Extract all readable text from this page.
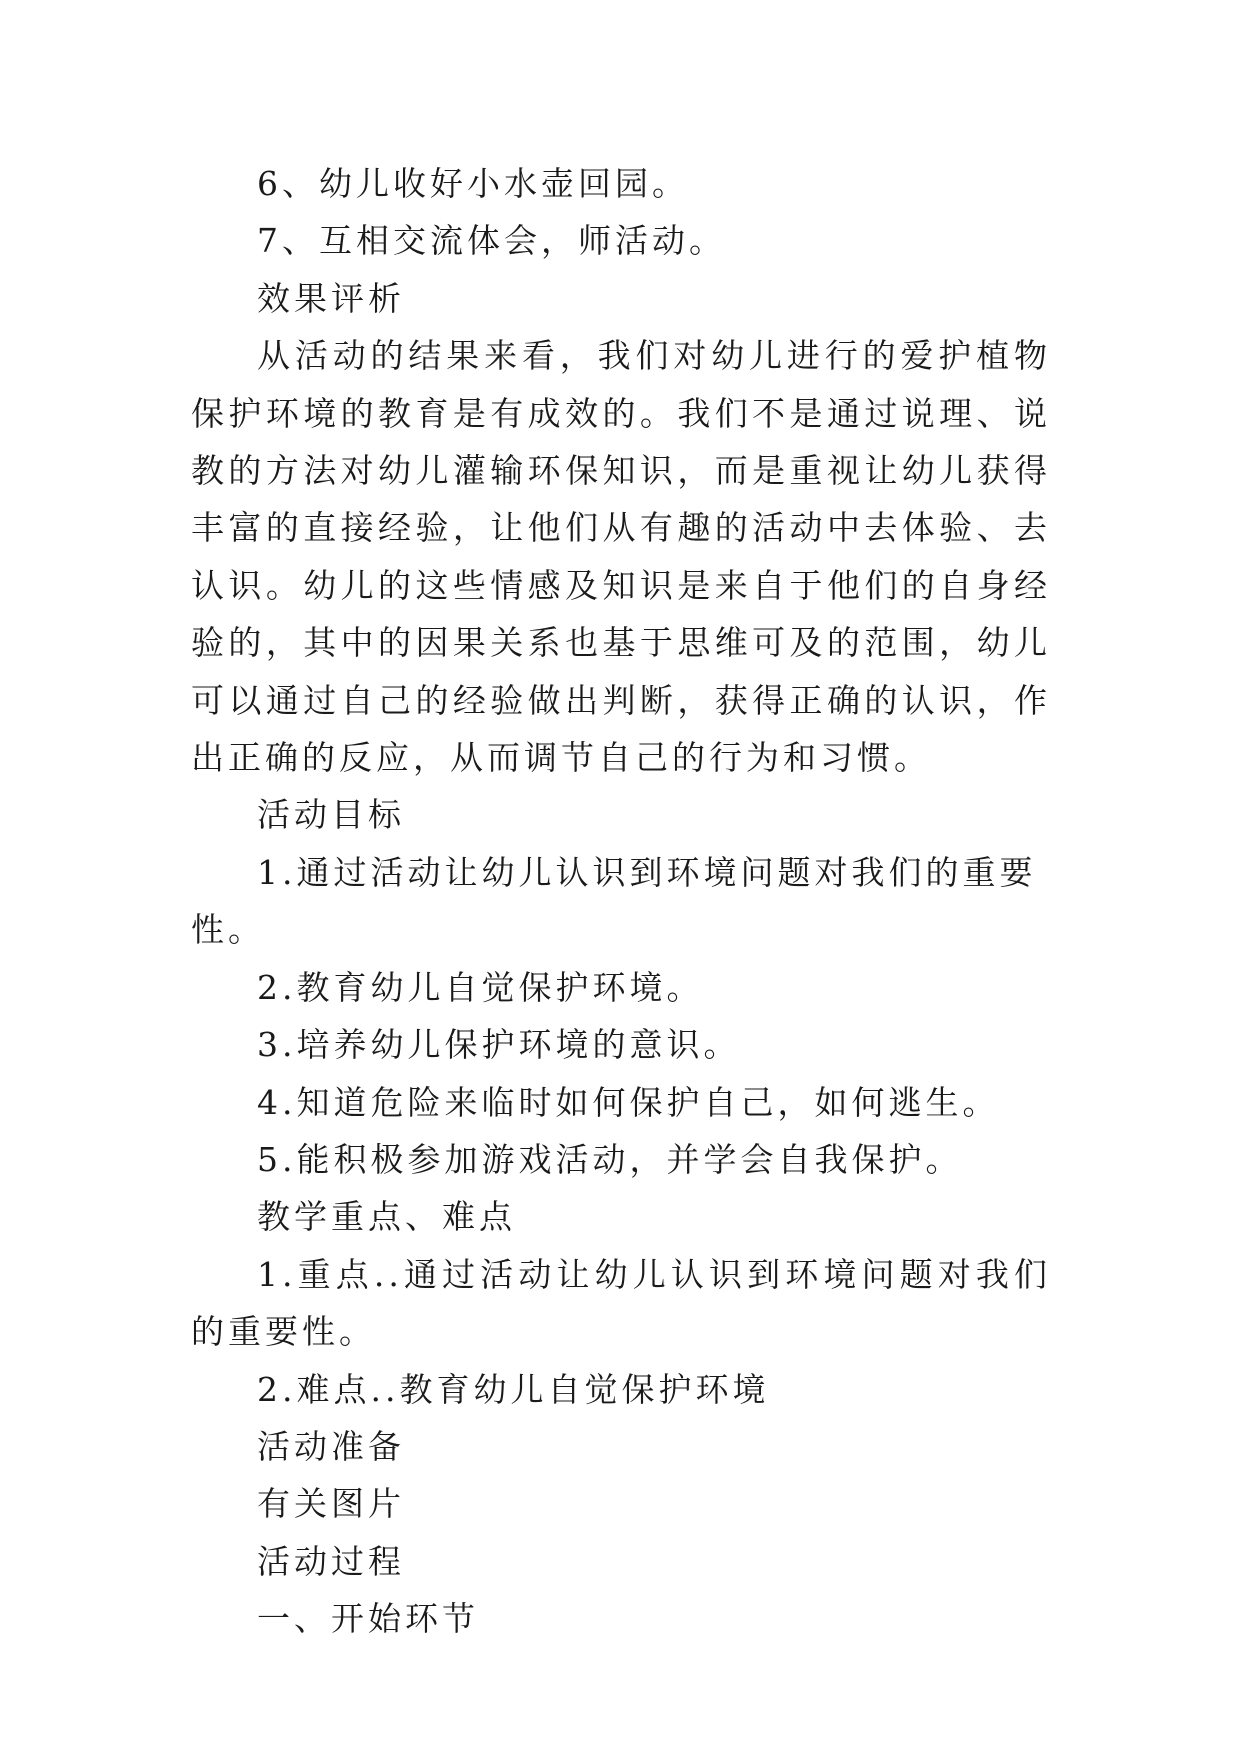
6、幼儿收好小水壶回园。

7、互相交流体会，师活动。

效果评析

从活动的结果来看，我们对幼儿进行的爱护植物保护环境的教育是有成效的。我们不是通过说理、说教的方法对幼儿灌输环保知识，而是重视让幼儿获得丰富的直接经验，让他们从有趣的活动中去体验、去认识。幼儿的这些情感及知识是来自于他们的自身经验的，其中的因果关系也基于思维可及的范围，幼儿可以通过自己的经验做出判断，获得正确的认识，作出正确的反应，从而调节自己的行为和习惯。

活动目标

1.通过活动让幼儿认识到环境问题对我们的重要性。

2.教育幼儿自觉保护环境。

3.培养幼儿保护环境的意识。

4.知道危险来临时如何保护自己，如何逃生。

5.能积极参加游戏活动，并学会自我保护。

教学重点、难点

1.重点..通过活动让幼儿认识到环境问题对我们的重要性。

2.难点..教育幼儿自觉保护环境

活动准备

有关图片

活动过程

一、开始环节
